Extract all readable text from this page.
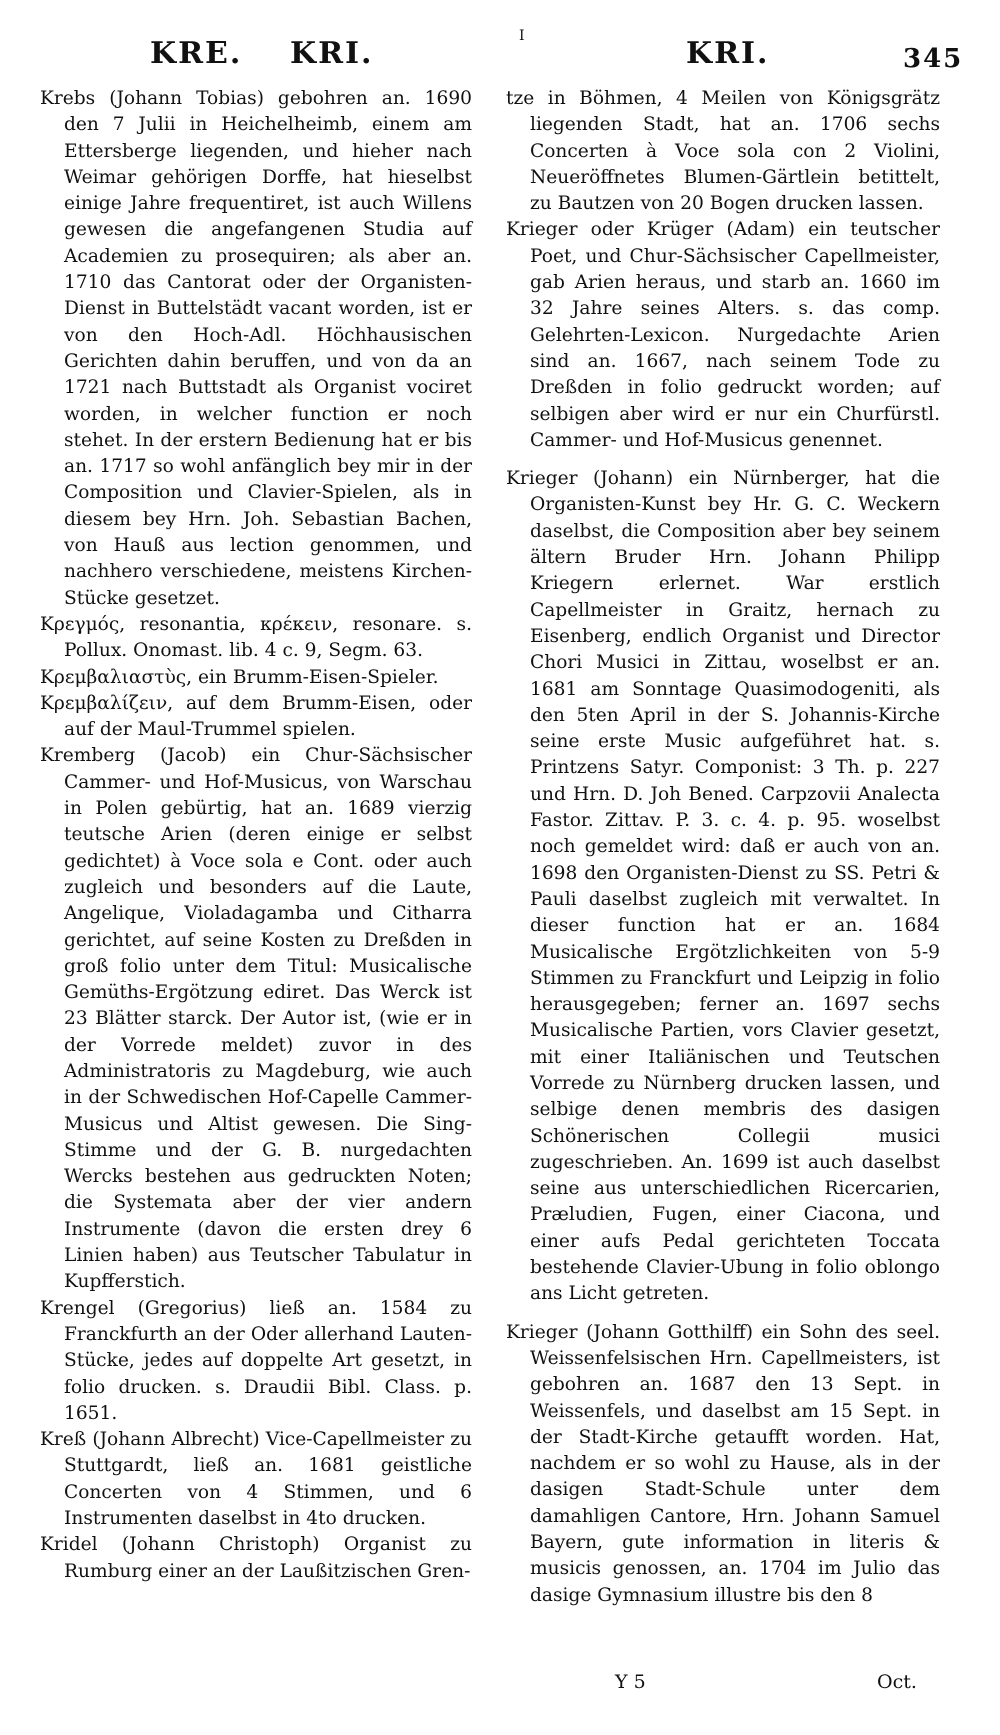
KRE. KRI.	I	KRI.	345

Krebs (Johann Tobias) gebohren an. 1690 den 7 Julii in Heichelheimb, einem am Ettersberge liegenden, und hieher nach Weimar gehörigen Dorffe, hat hieselbst einige Jahre frequentiret, ist auch Willens gewesen die angefangenen Studia auf Academien zu prosequiren; als aber an. 1710 das Cantorat oder der Organisten-Dienst in Buttelstädt vacant worden, ist er von den Hoch-Adl. Höchhausischen Gerichten dahin beruffen, und von da an 1721 nach Buttstadt als Organist vociret worden, in welcher function er noch stehet. In der erstern Bedienung hat er bis an. 1717 so wohl anfänglich bey mir in der Composition und Clavier-Spielen, als in diesem bey Hrn. Joh. Sebastian Bachen, von Hauß aus lection genommen, und nachhero verschiedene, meistens Kirchen-Stücke gesetzet.

Κρεγμός, resonantia, κρέκειν, resonare. s. Pollux. Onomast. lib. 4 c. 9, Segm. 63.

Κρεμβαλιαστὺς, ein Brumm-Eisen-Spieler.

Κρεμβαλίζειν, auf dem Brumm-Eisen, oder auf der Maul-Trummel spielen.

Kremberg (Jacob) ein Chur-Sächsischer Cammer- und Hof-Musicus, von Warschau in Polen gebürtig, hat an. 1689 vierzig teutsche Arien (deren einige er selbst gedichtet) à Voce sola e Cont. oder auch zugleich und besonders auf die Laute, Angelique, Violadagamba und Citharra gerichtet, auf seine Kosten zu Dreßden in groß folio unter dem Titul: Musicalische Gemüths-Ergötzung ediret. Das Werck ist 23 Blätter starck. Der Autor ist, (wie er in der Vorrede meldet) zuvor in des Administratoris zu Magdeburg, wie auch in der Schwedischen Hof-Capelle Cammer-Musicus und Altist gewesen. Die Sing-Stimme und der G. B. nurgedachten Wercks bestehen aus gedruckten Noten; die Systemata aber der vier andern Instrumente (davon die ersten drey 6 Linien haben) aus Teutscher Tabulatur in Kupfferstich.

Krengel (Gregorius) ließ an. 1584 zu Franckfurth an der Oder allerhand Lauten-Stücke, jedes auf doppelte Art gesetzt, in folio drucken. s. Draudii Bibl. Class. p. 1651.

Kreß (Johann Albrecht) Vice-Capellmeister zu Stuttgardt, ließ an. 1681 geistliche Concerten von 4 Stimmen, und 6 Instrumenten daselbst in 4to drucken.

Kridel (Johann Christoph) Organist zu Rumburg einer an der Laußitzischen Gren-

tze in Böhmen, 4 Meilen von Königsgrätz liegenden Stadt, hat an. 1706 sechs Concerten à Voce sola con 2 Violini, Neueröffnetes Blumen-Gärtlein betittelt, zu Bautzen von 20 Bogen drucken lassen.

Krieger oder Krüger (Adam) ein teutscher Poet, und Chur-Sächsischer Capellmeister, gab Arien heraus, und starb an. 1660 im 32 Jahre seines Alters. s. das comp. Gelehrten-Lexicon. Nurgedachte Arien sind an. 1667, nach seinem Tode zu Dreßden in folio gedruckt worden; auf selbigen aber wird er nur ein Churfürstl. Cammer- und Hof-Musicus genennet.

Krieger (Johann) ein Nürnberger, hat die Organisten-Kunst bey Hr. G. C. Weckern daselbst, die Composition aber bey seinem ältern Bruder Hrn. Johann Philipp Kriegern erlernet. War erstlich Capellmeister in Graitz, hernach zu Eisenberg, endlich Organist und Director Chori Musici in Zittau, woselbst er an. 1681 am Sonntage Quasimodogeniti, als den 5ten April in der S. Johannis-Kirche seine erste Music aufgeführet hat. s. Printzens Satyr. Componist: 3 Th. p. 227 und Hrn. D. Joh Bened. Carpzovii Analecta Fastor. Zittav. P. 3. c. 4. p. 95. woselbst noch gemeldet wird: daß er auch von an. 1698 den Organisten-Dienst zu SS. Petri & Pauli daselbst zugleich mit verwaltet. In dieser function hat er an. 1684 Musicalische Ergötzlichkeiten von 5-9 Stimmen zu Franckfurt und Leipzig in folio herausgegeben; ferner an. 1697 sechs Musicalische Partien, vors Clavier gesetzt, mit einer Italiänischen und Teutschen Vorrede zu Nürnberg drucken lassen, und selbige denen membris des dasigen Schönerischen Collegii musici zugeschrieben. An. 1699 ist auch daselbst seine aus unterschiedlichen Ricercarien, Præludien, Fugen, einer Ciacona, und einer aufs Pedal gerichteten Toccata bestehende Clavier-Ubung in folio oblongo ans Licht getreten.

Krieger (Johann Gotthilff) ein Sohn des seel. Weissenfelsischen Hrn. Capellmeisters, ist gebohren an. 1687 den 13 Sept. in Weissenfels, und daselbst am 15 Sept. in der Stadt-Kirche getaufft worden. Hat, nachdem er so wohl zu Hause, als in der dasigen Stadt-Schule unter dem damahligen Cantore, Hrn. Johann Samuel Bayern, gute information in literis & musicis genossen, an. 1704 im Julio das dasige Gymnasium illustre bis den 8

Y 5	Oct.
